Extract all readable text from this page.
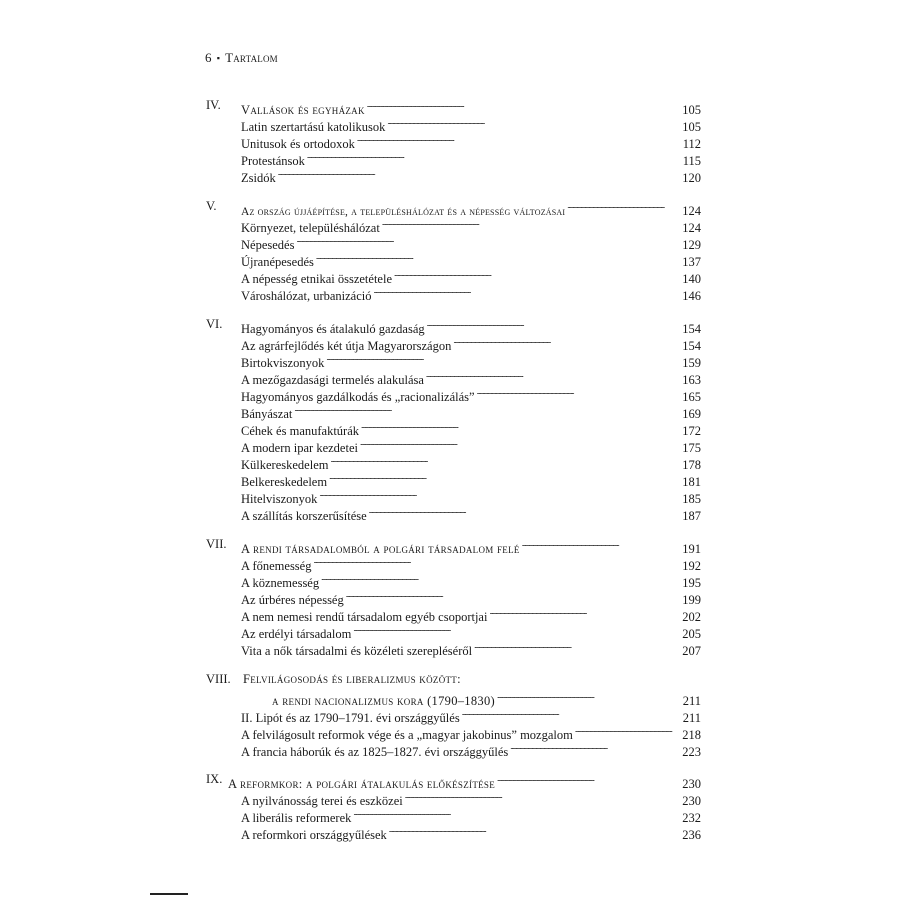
6 ▪ Tartalom
IV. Vallások és egyházak . . .	105
Latin szertartású katolikusok . . .	105
Unitusok és ortodoxok . . .	112
Protestánsok . . .	115
Zsidók . . .	120
V. Az ország újjáépítése, a településhálózat és a népesség változásai . . .	124
Környezet, településhálózat . . .	124
Népesedés . . .	129
Újranépesedés . . .	137
A népesség etnikai összetétele . . .	140
Városhálózat, urbanizáció . . .	146
VI. Hagyományos és átalakuló gazdaság . . .	154
Az agrárfejlődés két útja Magyarországon . . .	154
Birtokviszonyok . . .	159
A mezőgazdasági termelés alakulása . . .	163
Hagyományos gazdálkodás és „racionalizálás” . . .	165
Bányászat . . .	169
Céhek és manufaktúrák . . .	172
A modern ipar kezdetei . . .	175
Külkereskedelem . . .	178
Belkereskedelem . . .	181
Hitelviszonyok . . .	185
A szállítás korszerűsítése . . .	187
VII. A rendi társadalomból a polgári társadalom felé . . .	191
A főnemesség . . .	192
A köznemesség . . .	195
Az úrbéres népesség . . .	199
A nem nemesi rendű társadalom egyéb csoportjai . . .	202
Az erdélyi társadalom . . .	205
Vita a nők társadalmi és közéleti szerepléséről . . .	207
VIII. Felvilágosodás és liberalizmus között:
a rendi nacionalizmus kora (1790–1830) . . .	211
II. Lipót és az 1790–1791. évi országgyűlés . . .	211
A felvilágosult reformok vége és a „magyar jakobinus” mozgalom . . .	218
A francia háborúk és az 1825–1827. évi országgyűlés . . .	223
IX. A reformkor: a polgári átalakulás előkészítése . . .	230
A nyilvánosság terei és eszközei . . .	230
A liberális reformerek . . .	232
A reformkori országgyűlések . . .	236
